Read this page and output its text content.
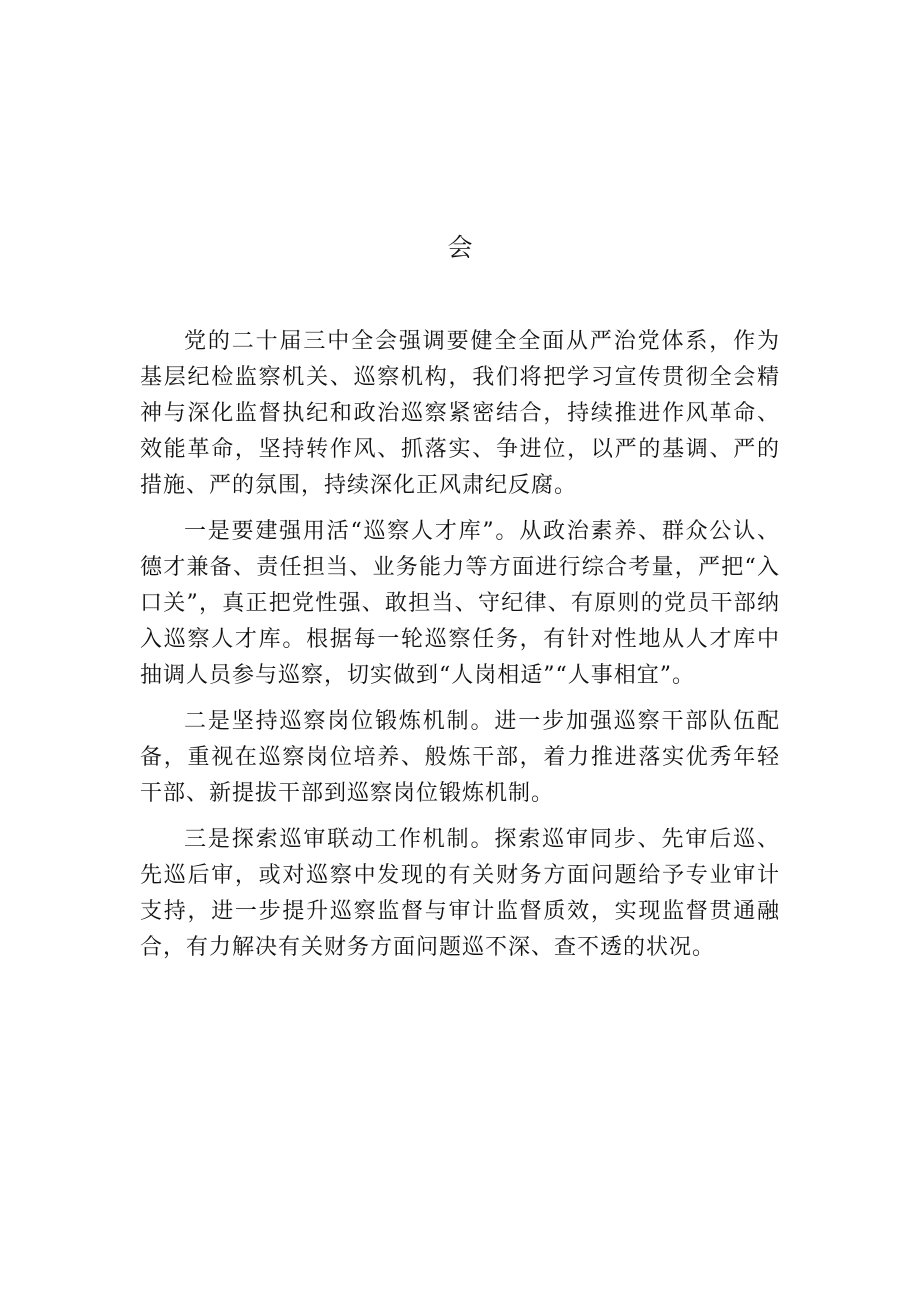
会

党的二十届三中全会强调要健全全面从严治党体系，作为基层纪检监察机关、巡察机构，我们将把学习宣传贯彻全会精神与深化监督执纪和政治巡察紧密结合，持续推进作风革命、效能革命，坚持转作风、抓落实、争进位，以严的基调、严的措施、严的氛围，持续深化正风肃纪反腐。

一是要建强用活“巡察人才库”。从政治素养、群众公认、德才兼备、责任担当、业务能力等方面进行综合考量，严把“入口关”，真正把党性强、敢担当、守纪律、有原则的党员干部纳入巡察人才库。根据每一轮巡察任务，有针对性地从人才库中抽调人员参与巡察，切实做到“人岗相适”“人事相宜”。

二是坚持巡察岗位锻炼机制。进一步加强巡察干部队伍配备，重视在巡察岗位培养、般炼干部，着力推进落实优秀年轻干部、新提拔干部到巡察岗位锻炼机制。

三是探索巡审联动工作机制。探索巡审同步、先审后巡、先巡后审，或对巡察中发现的有关财务方面问题给予专业审计支持，进一步提升巡察监督与审计监督质效，实现监督贯通融合，有力解决有关财务方面问题巡不深、查不透的状况。
